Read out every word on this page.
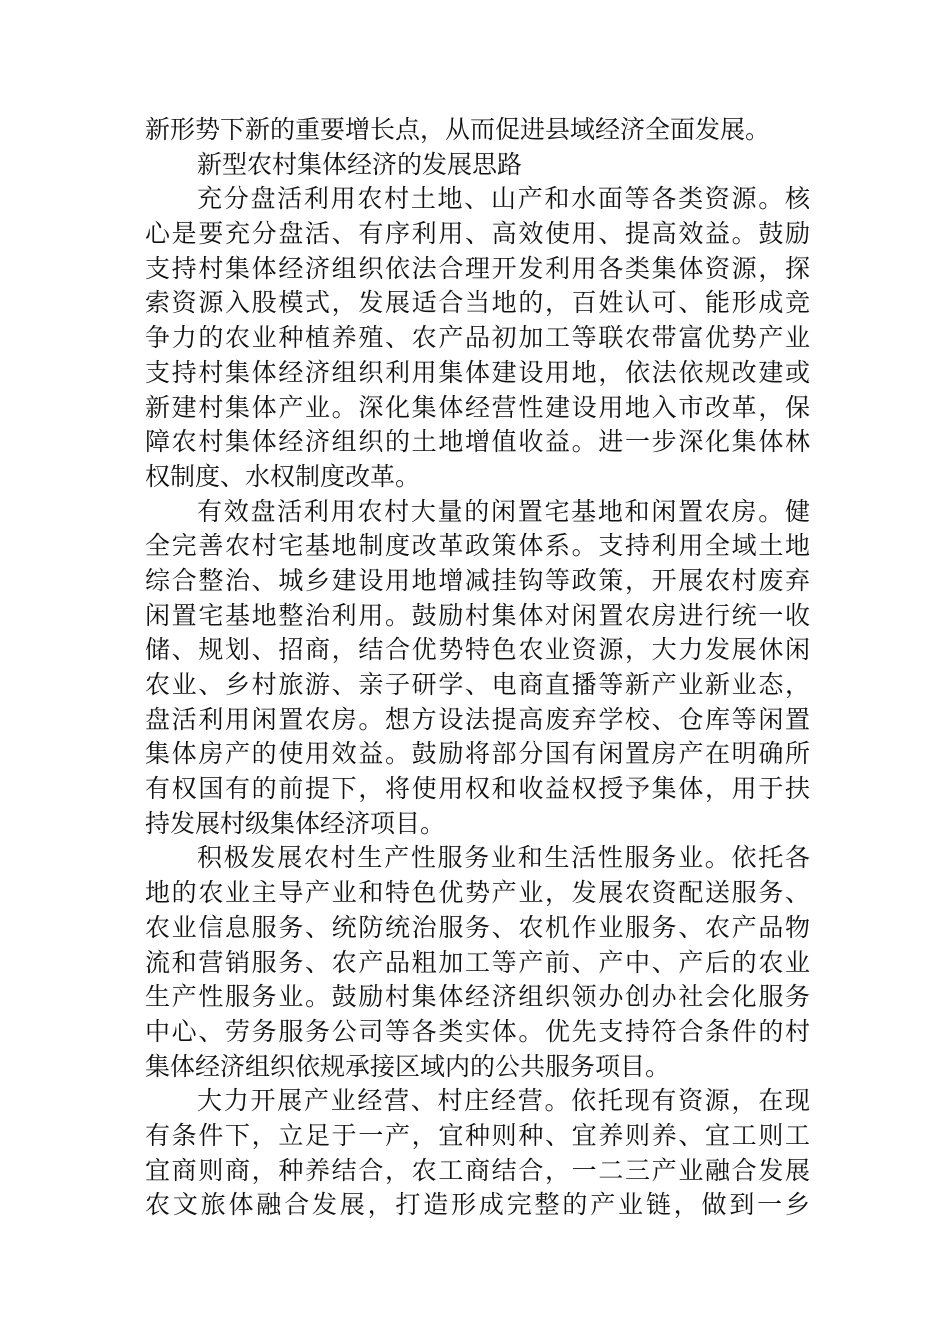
新形势下新的重要增长点，从而促进县域经济全面发展。
新型农村集体经济的发展思路
充分盘活利用农村土地、山产和水面等各类资源。核
心是要充分盘活、有序利用、高效使用、提高效益。鼓励
支持村集体经济组织依法合理开发利用各类集体资源，探
索资源入股模式，发展适合当地的，百姓认可、能形成竞
争力的农业种植养殖、农产品初加工等联农带富优势产业
支持村集体经济组织利用集体建设用地，依法依规改建或
新建村集体产业。深化集体经营性建设用地入市改革，保
障农村集体经济组织的土地增值收益。进一步深化集体林
权制度、水权制度改革。
有效盘活利用农村大量的闲置宅基地和闲置农房。健
全完善农村宅基地制度改革政策体系。支持利用全域土地
综合整治、城乡建设用地增减挂钩等政策，开展农村废弃
闲置宅基地整治利用。鼓励村集体对闲置农房进行统一收
储、规划、招商，结合优势特色农业资源，大力发展休闲
农业、乡村旅游、亲子研学、电商直播等新产业新业态，
盘活利用闲置农房。想方设法提高废弃学校、仓库等闲置
集体房产的使用效益。鼓励将部分国有闲置房产在明确所
有权国有的前提下，将使用权和收益权授予集体，用于扶
持发展村级集体经济项目。
积极发展农村生产性服务业和生活性服务业。依托各
地的农业主导产业和特色优势产业，发展农资配送服务、
农业信息服务、统防统治服务、农机作业服务、农产品物
流和营销服务、农产品粗加工等产前、产中、产后的农业
生产性服务业。鼓励村集体经济组织领办创办社会化服务
中心、劳务服务公司等各类实体。优先支持符合条件的村
集体经济组织依规承接区域内的公共服务项目。
大力开展产业经营、村庄经营。依托现有资源，在现
有条件下，立足于一产，宜种则种、宜养则养、宜工则工
宜商则商，种养结合，农工商结合，一二三产业融合发展
农文旅体融合发展，打造形成完整的产业链，做到一乡
